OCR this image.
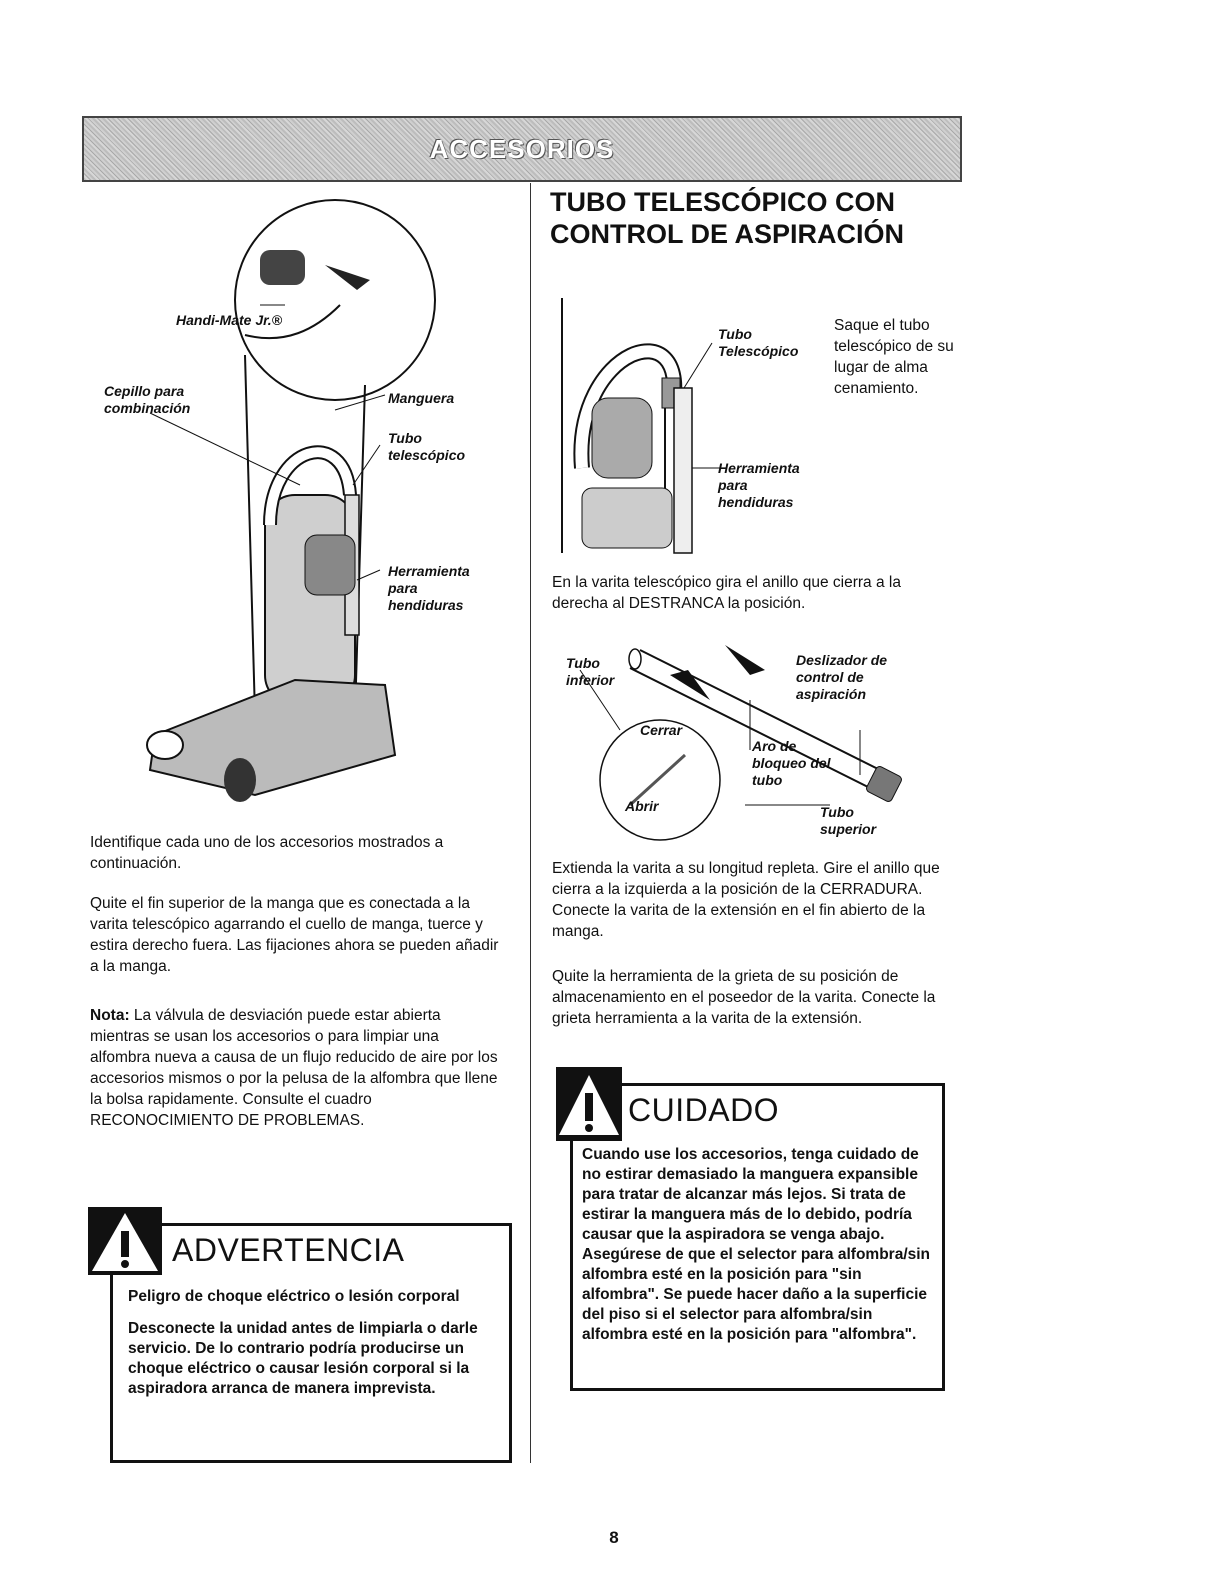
ACCESORIOS
Handi-Mate Jr.®
Cepillo para combinación
Manguera
Tubo telescópico
Herramienta para hendiduras

Identifique cada uno de los accesorios mostrados a continuación.

Quite el fin superior de la manga que es conectada a la varita telescópico agarrando el cuello de manga, tuerce y estira derecho fuera. Las fijaciones ahora se pueden añadir a la manga.

Nota: La válvula de desviación puede estar abierta mientras se usan los accesorios o para limpiar una alfombra nueva a causa de un flujo reducido de aire por los accesorios mismos o por la pelusa de la alfombra que llene la bolsa rapidamente. Consulte el cuadro RECONOCIMIENTO DE PROBLEMAS.

ADVERTENCIA

Peligro de choque eléctrico o lesión corporal

Desconecte la unidad antes de limpiarla o darle servicio. De lo contrario podría producirse un choque eléctrico o causar lesión corporal si la aspiradora arranca de manera imprevista.

TUBO TELESCÓPICO CON
CONTROL DE ASPIRACIÓN
Tubo Telescópico
Herramienta para hendiduras

Saque el tubo telescópico de su lugar de alma cenamiento.

En la varita telescópico gira el anillo que cierra a la derecha al DESTRANCA la posición.

Tubo inferior
Deslizador de control de aspiración
Cerrar
Abrir
Aro de bloqueo del tubo
Tubo superior

Extienda la varita a su longitud repleta. Gire el anillo que cierra a la izquierda a la posición de la CERRADURA. Conecte la varita de la extensión en el fin abierto de la manga.

Quite la herramienta de la grieta de su posición de almacenamiento en el poseedor de la varita. Conecte la grieta herramienta a la varita de la extensión.

CUIDADO

Cuando use los accesorios, tenga cuidado de no estirar demasiado la manguera expansible para tratar de alcanzar más lejos. Si trata de estirar la manguera más de lo debido, podría causar que la aspiradora se venga abajo. Asegúrese de que el selector para alfombra/sin alfombra esté en la posición para "sin alfombra". Se puede hacer daño a la superficie del piso si el selector para alfombra/sin alfombra esté en la posición para "alfombra".

8
